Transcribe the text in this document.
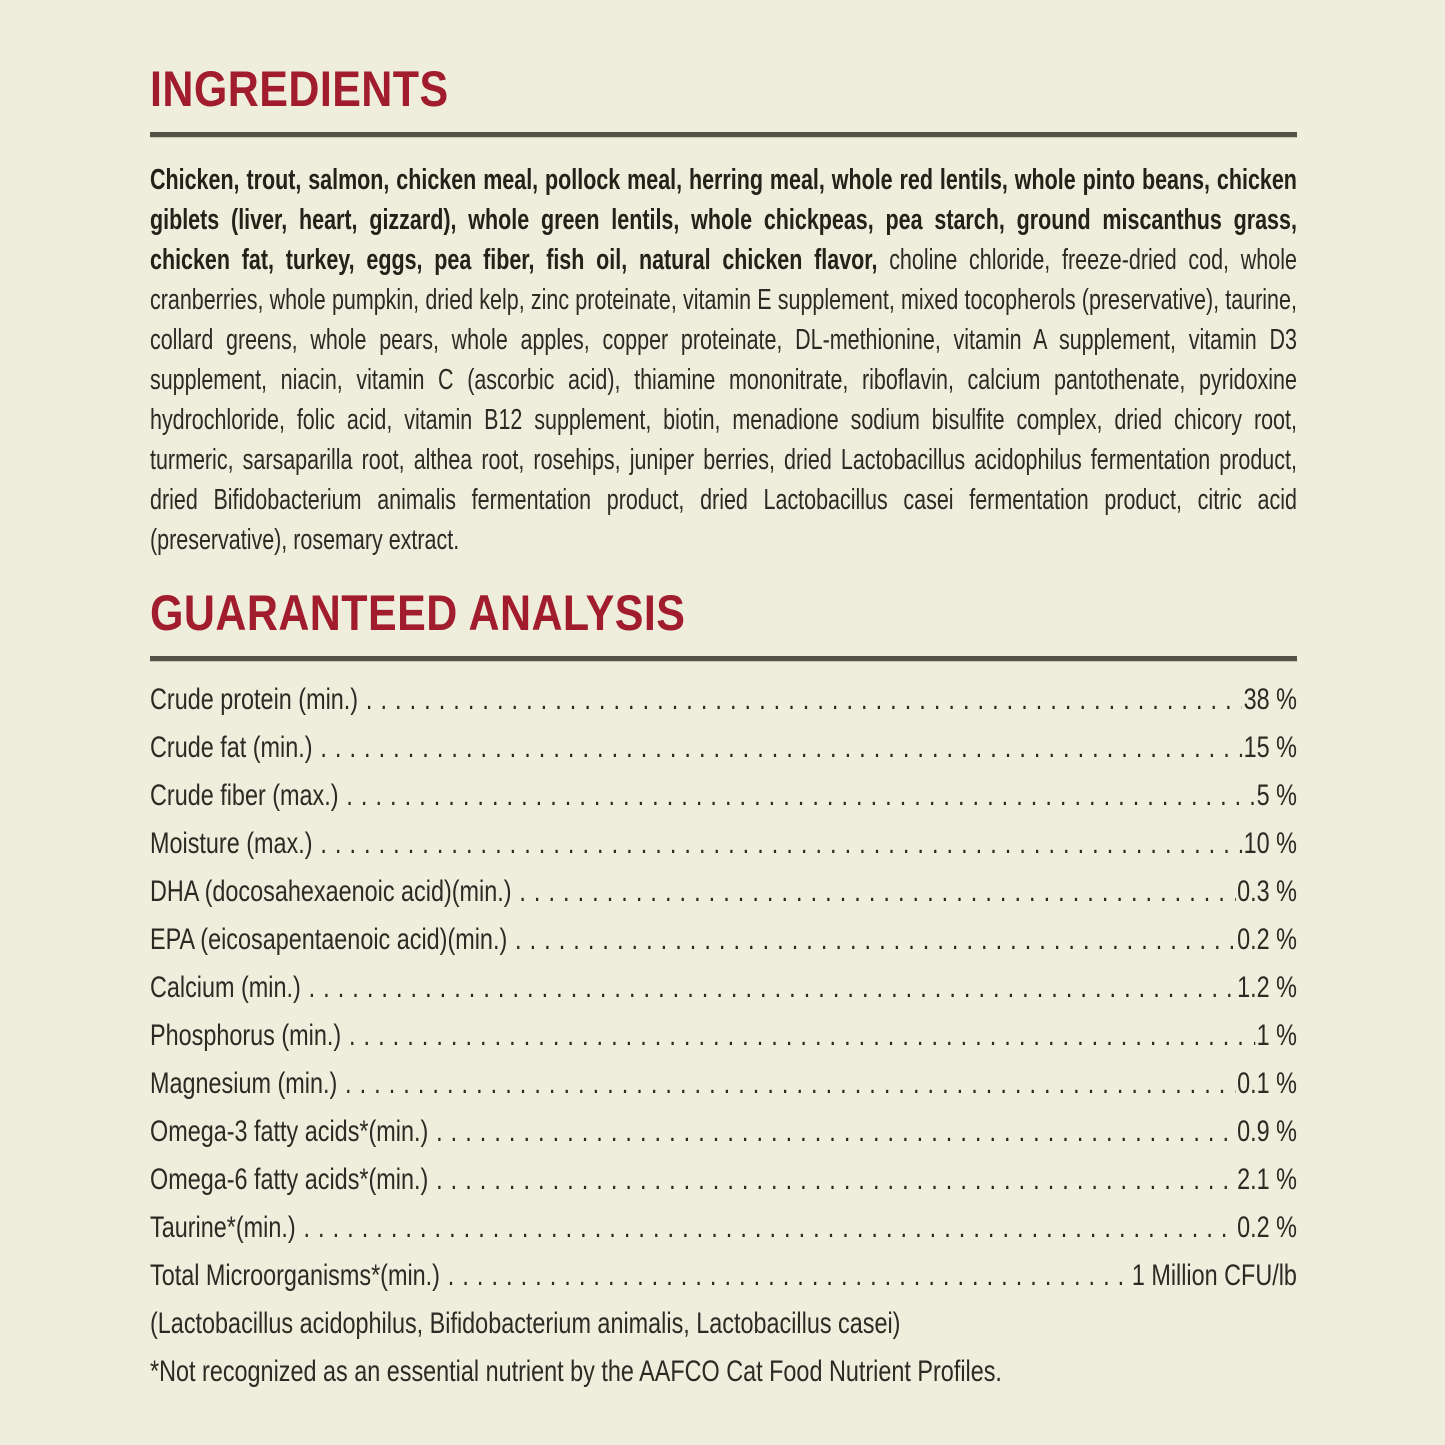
INGREDIENTS

Chicken, trout, salmon, chicken meal, pollock meal, herring meal, whole red lentils, whole pinto beans, chicken giblets (liver, heart, gizzard), whole green lentils, whole chickpeas, pea starch, ground miscanthus grass, chicken fat, turkey, eggs, pea fiber, fish oil, natural chicken flavor, choline chloride, freeze-dried cod, whole cranberries, whole pumpkin, dried kelp, zinc proteinate, vitamin E supplement, mixed tocopherols (preservative), taurine, collard greens, whole pears, whole apples, copper proteinate, DL-methionine, vitamin A supplement, vitamin D3 supplement, niacin, vitamin C (ascorbic acid), thiamine mononitrate, riboflavin, calcium pantothenate, pyridoxine hydrochloride, folic acid, vitamin B12 supplement, biotin, menadione sodium bisulfite complex, dried chicory root, turmeric, sarsaparilla root, althea root, rosehips, juniper berries, dried Lactobacillus acidophilus fermentation product, dried Bifidobacterium animalis fermentation product, dried Lactobacillus casei fermentation product, citric acid (preservative), rosemary extract.

GUARANTEED ANALYSIS
Crude protein (min.) . . .	38 %
Crude fat (min.) . . .	15 %
Crude fiber (max.) . . .	5 %
Moisture (max.) . . .	10 %
DHA (docosahexaenoic acid)(min.) . . .	0.3 %
EPA (eicosapentaenoic acid)(min.) . . .	0.2 %
Calcium (min.) . . .	1.2 %
Phosphorus (min.) . . .	1 %
Magnesium (min.) . . .	0.1 %
Omega-3 fatty acids*(min.) . . .	0.9 %
Omega-6 fatty acids*(min.) . . .	2.1 %
Taurine*(min.) . . .	0.2 %
Total Microorganisms*(min.) . . .	1 Million CFU/lb
(Lactobacillus acidophilus, Bifidobacterium animalis, Lactobacillus casei)
*Not recognized as an essential nutrient by the AAFCO Cat Food Nutrient Profiles.
